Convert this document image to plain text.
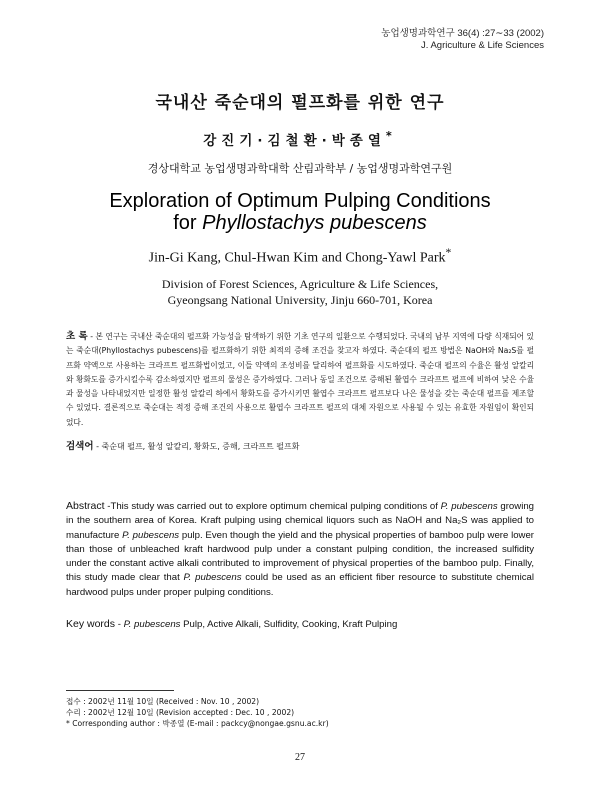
농업생명과학연구 36(4) :27∼33 (2002)
J. Agriculture & Life Sciences
국내산 죽순대의 펄프화를 위한 연구
강진기·김철환·박종열*
경상대학교 농업생명과학대학 산림과학부 / 농업생명과학연구원
Exploration of Optimum Pulping Conditions
for Phyllostachys pubescens
Jin-Gi Kang, Chul-Hwan Kim and Chong-Yawl Park*
Division of Forest Sciences, Agriculture & Life Sciences,
Gyeongsang National University, Jinju 660-701, Korea
초 록 - 본 연구는 국내산 죽순대의 펄프화 가능성을 탐색하기 위한 기초 연구의 일환으로 수행되었다. 국내의 남부 지역에 다량 식재되어 있는 죽순대(Phyllostachys pubescens)를 펄프화하기 위한 최적의 증해 조건을 찾고자 하였다. 죽순대의 펄프 방법은 NaOH와 Na₂S를 펄프화 약액으로 사용하는 크라프트 펄프화법이었고, 이들 약액의 조성비를 달리하여 펄프화를 시도하였다. 죽순대 펄프의 수율은 활성 알칼리와 황화도를 증가시킬수록 감소하였지만 펄프의 물성은 증가하였다. 그러나 동일 조건으로 증해된 활엽수 크라프트 펄프에 비하여 낮은 수율과 물성을 나타내었지만 일정한 활성 알칼리 하에서 황화도를 증가시키면 활엽수 크라프트 펄프보다 나은 물성을 갖는 죽순대 펄프를 제조할 수 있었다. 결론적으로 죽순대는 적정 증해 조건의 사용으로 활엽수 크라프트 펄프의 대체 자원으로 사용될 수 있는 유효한 자원임이 확인되었다.
검색어 - 죽순대 펄프, 활성 알칼리, 황화도, 증해, 크라프트 펄프화
Abstract -This study was carried out to explore optimum chemical pulping conditions of P. pubescens growing in the southern area of Korea. Kraft pulping using chemical liquors such as NaOH and Na₂S was applied to manufacture P. pubescens pulp. Even though the yield and the physical properties of bamboo pulp were lower than those of unbleached kraft hardwood pulp under a constant pulping condition, the increased sulfidity under the constant active alkali contributed to improvement of physical properties of the bamboo pulp. Finally, this study made clear that P. pubescens could be used as an efficient fiber resource to substitute chemical hardwood pulps under proper pulping conditions.
Key words - P. pubescens Pulp, Active Alkali, Sulfidity, Cooking, Kraft Pulping
접수 : 2002년 11월 10일 (Received : Nov. 10 , 2002)
수리 : 2002년 12월 10일 (Revision accepted : Dec. 10 , 2002)
* Corresponding author : 박종열 (E-mail : packcy@nongae.gsnu.ac.kr)
27
